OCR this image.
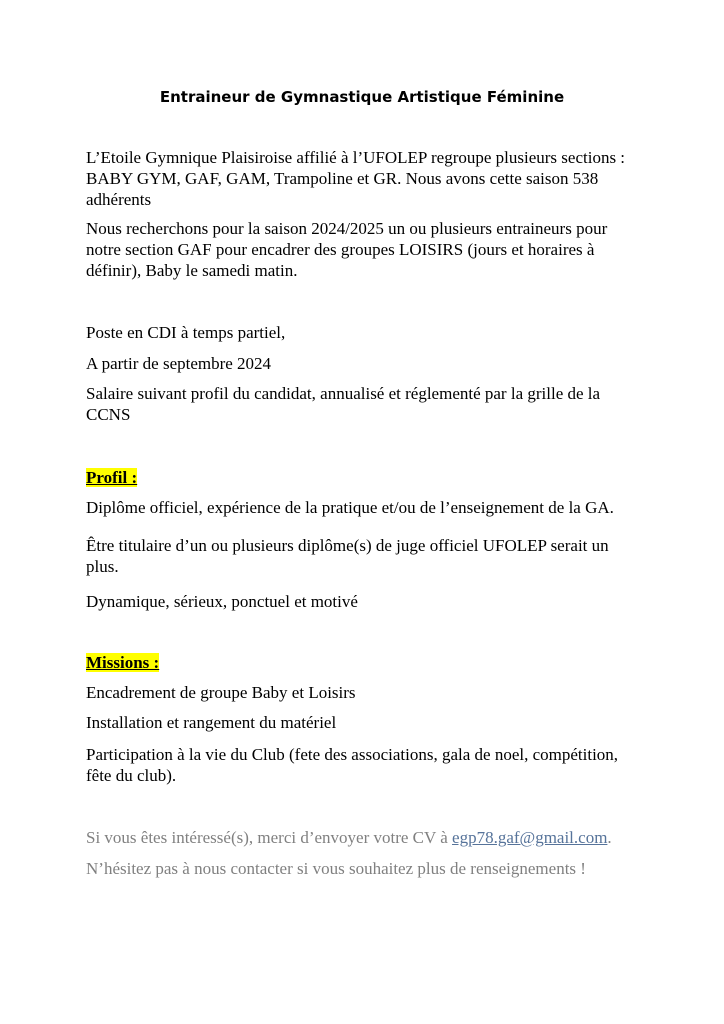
Entraineur de Gymnastique Artistique Féminine
L’Etoile Gymnique Plaisiroise affilié à l’UFOLEP regroupe plusieurs sections :
BABY GYM, GAF, GAM, Trampoline et GR. Nous avons cette saison 538
adhérents
Nous recherchons pour la saison 2024/2025 un ou plusieurs entraineurs pour
notre section GAF pour encadrer des groupes LOISIRS (jours et horaires à
définir), Baby le samedi matin.
Poste en CDI à temps partiel,
A partir de septembre 2024
Salaire suivant profil du candidat, annualisé et réglementé par la grille de la
CCNS
Profil :
Diplôme officiel, expérience de la pratique et/ou de l’enseignement de la GA.
Être titulaire d’un ou plusieurs diplôme(s) de juge officiel UFOLEP serait un
plus.
Dynamique, sérieux, ponctuel et motivé
Missions :
Encadrement de groupe Baby et Loisirs
Installation et rangement du matériel
Participation à la vie du Club (fete des associations, gala de noel, compétition,
fête du club).
Si vous êtes intéressé(s), merci d’envoyer votre CV à egp78.gaf@gmail.com.
N’hésitez pas à nous contacter si vous souhaitez plus de renseignements !
